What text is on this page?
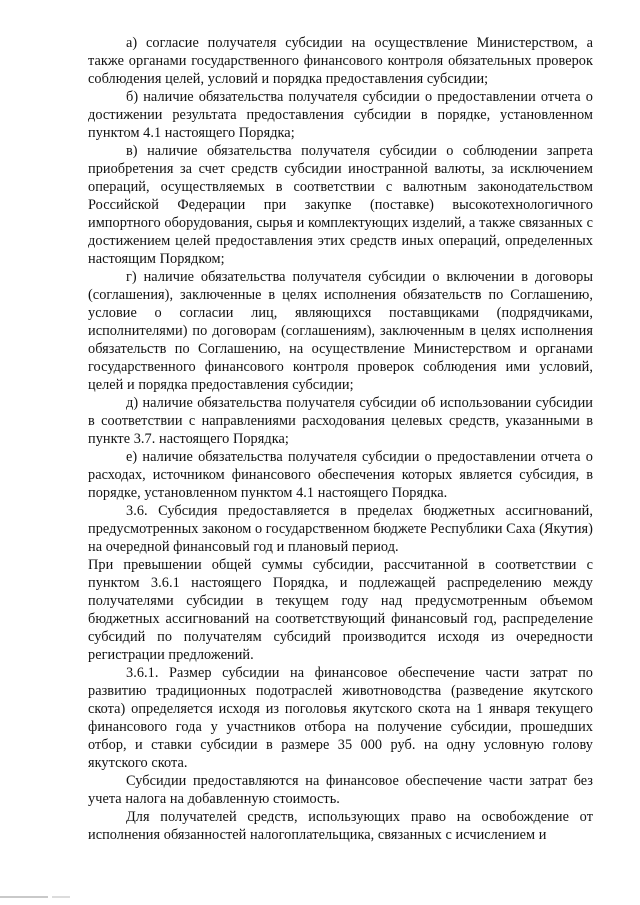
а) согласие получателя субсидии на осуществление Министерством, а также органами государственного финансового контроля обязательных проверок соблюдения целей, условий и порядка предоставления субсидии;

б) наличие обязательства получателя субсидии о предоставлении отчета о достижении результата предоставления субсидии в порядке, установленном пунктом 4.1 настоящего Порядка;

в) наличие обязательства получателя субсидии о соблюдении запрета приобретения за счет средств субсидии иностранной валюты, за исключением операций, осуществляемых в соответствии с валютным законодательством Российской Федерации при закупке (поставке) высокотехнологичного импортного оборудования, сырья и комплектующих изделий, а также связанных с достижением целей предоставления этих средств иных операций, определенных настоящим Порядком;

г) наличие обязательства получателя субсидии о включении в договоры (соглашения), заключенные в целях исполнения обязательств по Соглашению, условие о согласии лиц, являющихся поставщиками (подрядчиками, исполнителями) по договорам (соглашениям), заключенным в целях исполнения обязательств по Соглашению, на осуществление Министерством и органами государственного финансового контроля проверок соблюдения ими условий, целей и порядка предоставления субсидии;

д) наличие обязательства получателя субсидии об использовании субсидии в соответствии с направлениями расходования целевых средств, указанными в пункте 3.7. настоящего Порядка;

е) наличие обязательства получателя субсидии о предоставлении отчета о расходах, источником финансового обеспечения которых является субсидия, в порядке, установленном пунктом 4.1 настоящего Порядка.

3.6. Субсидия предоставляется в пределах бюджетных ассигнований, предусмотренных законом о государственном бюджете Республики Саха (Якутия) на очередной финансовый год и плановый период.

При превышении общей суммы субсидии, рассчитанной в соответствии с пунктом 3.6.1 настоящего Порядка, и подлежащей распределению между получателями субсидии в текущем году над предусмотренным объемом бюджетных ассигнований на соответствующий финансовый год, распределение субсидий по получателям субсидий производится исходя из очередности регистрации предложений.

3.6.1. Размер субсидии на финансовое обеспечение части затрат по развитию традиционных подотраслей животноводства (разведение якутского скота) определяется исходя из поголовья якутского скота на 1 января текущего финансового года у участников отбора на получение субсидии, прошедших отбор, и ставки субсидии в размере 35 000 руб. на одну условную голову якутского скота.

Субсидии предоставляются на финансовое обеспечение части затрат без учета налога на добавленную стоимость.

Для получателей средств, использующих право на освобождение от исполнения обязанностей налогоплательщика, связанных с исчислением и
